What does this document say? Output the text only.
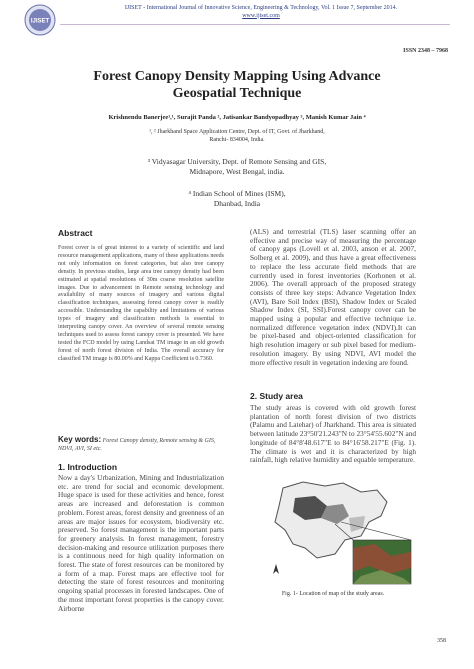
IJISET
IJISET - International Journal of Innovative Science, Engineering & Technology, Vol. 1 Issue 7, September 2014.
www.ijiset.com
ISSN 2348 – 7968
Forest Canopy Density Mapping Using Advance
Geospatial Technique
Krishnendu Banerjee¹,¹, Surajit Panda ², Jatisankar Bandyopadhyay ³, Manish Kumar Jain ⁴
¹, ² Jharkhand Space Application Centre, Dept. of IT, Govt. of Jharkhand,
Ranchi- 834004, India.
³ Vidyasagar University, Dept. of Remote Sensing and GIS,
Midnapore, West Bengal, india.
⁴ Indian School of Mines (ISM),
Dhanbad, India
Abstract
Forest cover is of great interest to a variety of scientific and land resource management applications, many of these applications needs not only information on forest categories, but also tree canopy density. In previous studies, large area tree canopy density had been estimated at spatial resolutions of 30m coarse resolution satellite images. Due to advancement in Remote sensing technology and availability of many sources of imagery and various digital classification techniques, assessing forest canopy cover is readily accessible. Understanding the capability and limitations of various types of imagery and classification methods is essential to interpreting canopy cover. An overview of several remote sensing techniques used to assess forest canopy cover is presented. We have tested the FCD model by using Landsat TM image in an old growth forest of north forest division of India. The overall accuracy for classified TM image is 80.00% and Kappa Coefficient is 0.7360.
Key words: Forest Canopy density, Remote sensing & GIS, NDVI, AVI, SI etc.
1. Introduction
Now a day's Urbanization, Mining and Industrialization etc. are trend for social and economic development. Huge space is used for these activities and hence, forest areas are increased and deforestation is common problem. Forest areas, forest density and greenness of an areas are major issues for ecosystem, biodiversity etc. preserved. So forest management is the important parts for greenery analysis. In forest management, forestry decision-making and resource utilization purposes there is a continuous need for high quality information on forest. The state of forest resources can be monitored by a form of a map. Forest maps are effective tool for detecting the state of forest resources and monitoring ongoing spatial processes in forested landscapes. One of the most important forest properties is the canopy cover. Airborne
(ALS) and terrestrial (TLS) laser scanning offer an effective and precise way of measuring the percentage of canopy gaps (Lovell et al. 2003, anson et al. 2007, Solberg et al. 2009), and thus have a great effectiveness to replace the less accurate field methods that are currently used in forest inventories (Korhonen et al. 2006). The overall approach of the proposed strategy consists of three key steps: Advance Vegetation Index (AVI), Bare Soil Index (BSI), Shadow Index or Scaled Shadow Index (SI, SSI).Forest canopy cover can be mapped using a popular and effective technique i.e. normalized difference vegetation index (NDVI).It can be pixel-based and object-oriented classification for high resolution imagery or sub pixel based for medium-resolution imagery. By using NDVI, AVI model the more effective result in vegetation indexing are found.
2. Study area
The study areas is covered with old growth forest plantation of north forest division of two districts (Palamu and Latehar) of Jharkhand. This area is situated between latitude 23°50'21.243"N to 23°54'55.602"N and longitude of 84°8'48.617"E to 84°16'58.217"E (Fig. 1). The climate is wet and it is characterized by high rainfall, high relative humidity and equable temperature.
Fig. 1- Location of map of the study areas.
358
